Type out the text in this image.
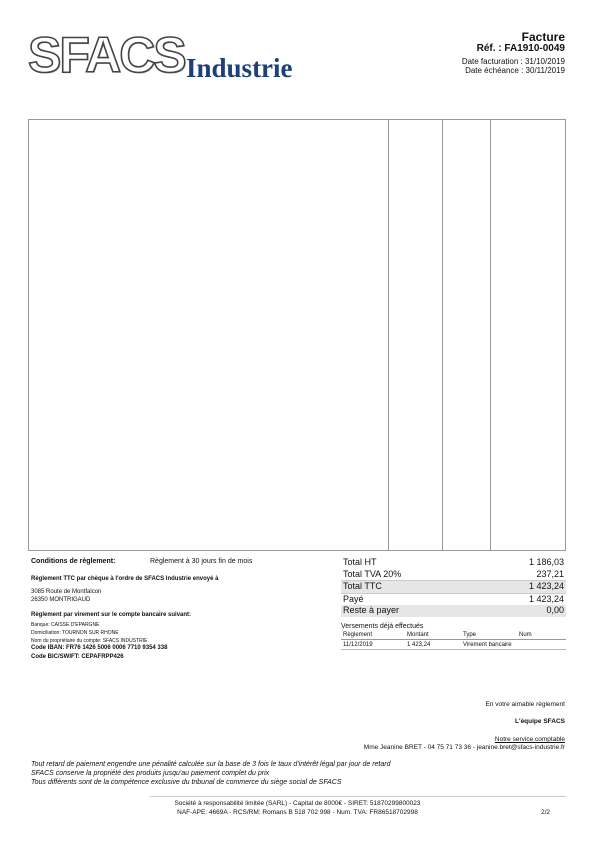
SFACS Industrie
Facture
Réf. : FA1910-0049
Date facturation : 31/10/2019
Date échéance : 30/11/2019
Conditions de règlement:	Règlement à 30 jours fin de mois
Règlement TTC par chèque à l'ordre de SFACS Industrie envoyé à
3085 Route de Montfalcon
26350 MONTRIGAUD
Règlement par virement sur le compte bancaire suivant:
Banque: CAISSE D'EPARGNE
Domiciliation: TOURNON SUR RHONE
Nom du propriétaire du compte: SFACS INDUSTRIE
Code IBAN: FR76 1426 5006 0006 7710 9354 338
Code BIC/SWIFT: CEPAFRPP426
Total HT	1 186,03
Total TVA 20%	237,21
Total TTC	1 423,24
Payé	1 423,24
Reste à payer	0,00
Versements déjà effectués
Règlement	Montant	Type	Num
11/12/2019	1 423,24	Virement bancaire	
En votre aimable règlement
L'équipe SFACS
Notre service comptable
Mme Jeanine BRET - 04 75 71 73 36 - jeanine.bret@sfacs-industrie.fr
Tout retard de paiement engendre une pénalité calculée sur la base de 3 fois le taux d'intérêt légal par jour de retard
SFACS conserve la propriété des produits jusqu'au paiement complet du prix
Tous différents sont de la compétence exclusive du tribunal de commerce du siège social de SFACS
Société à responsabilité limitée (SARL) - Capital de 8000€ - SIRET: 51870299800023
NAF-APE: 4669A - RCS/RM: Romans B 518 702 998 - Num. TVA: FR86518702998	2/2
